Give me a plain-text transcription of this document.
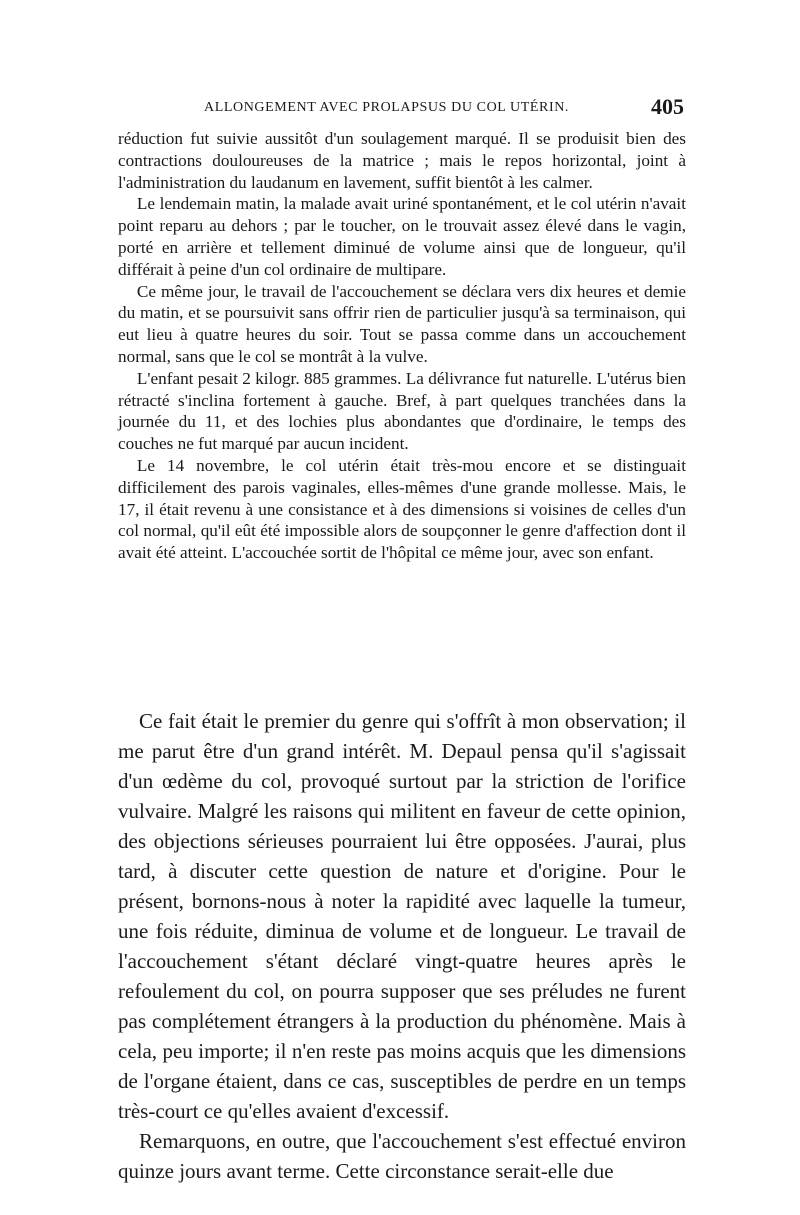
ALLONGEMENT AVEC PROLAPSUS DU COL UTÉRIN.	405

réduction fut suivie aussitôt d'un soulagement marqué. Il se produisit bien des contractions douloureuses de la matrice ; mais le repos horizontal, joint à l'administration du laudanum en lavement, suffit bientôt à les calmer.

Le lendemain matin, la malade avait uriné spontanément, et le col utérin n'avait point reparu au dehors ; par le toucher, on le trouvait assez élevé dans le vagin, porté en arrière et tellement diminué de volume ainsi que de longueur, qu'il différait à peine d'un col ordinaire de multipare.

Ce même jour, le travail de l'accouchement se déclara vers dix heures et demie du matin, et se poursuivit sans offrir rien de particulier jusqu'à sa terminaison, qui eut lieu à quatre heures du soir. Tout se passa comme dans un accouchement normal, sans que le col se montrât à la vulve.

L'enfant pesait 2 kilogr. 885 grammes. La délivrance fut naturelle. L'utérus bien rétracté s'inclina fortement à gauche. Bref, à part quelques tranchées dans la journée du 11, et des lochies plus abondantes que d'ordinaire, le temps des couches ne fut marqué par aucun incident.

Le 14 novembre, le col utérin était très-mou encore et se distinguait difficilement des parois vaginales, elles-mêmes d'une grande mollesse. Mais, le 17, il était revenu à une consistance et à des dimensions si voisines de celles d'un col normal, qu'il eût été impossible alors de soupçonner le genre d'affection dont il avait été atteint. L'accouchée sortit de l'hôpital ce même jour, avec son enfant.

Ce fait était le premier du genre qui s'offrît à mon observation; il me parut être d'un grand intérêt. M. Depaul pensa qu'il s'agissait d'un œdème du col, provoqué surtout par la striction de l'orifice vulvaire. Malgré les raisons qui militent en faveur de cette opinion, des objections sérieuses pourraient lui être opposées. J'aurai, plus tard, à discuter cette question de nature et d'origine. Pour le présent, bornons-nous à noter la rapidité avec laquelle la tumeur, une fois réduite, diminua de volume et de longueur. Le travail de l'accouchement s'étant déclaré vingt-quatre heures après le refoulement du col, on pourra supposer que ses préludes ne furent pas complétement étrangers à la production du phénomène. Mais à cela, peu importe; il n'en reste pas moins acquis que les dimensions de l'organe étaient, dans ce cas, susceptibles de perdre en un temps très-court ce qu'elles avaient d'excessif.

Remarquons, en outre, que l'accouchement s'est effectué environ quinze jours avant terme. Cette circonstance serait-elle due
